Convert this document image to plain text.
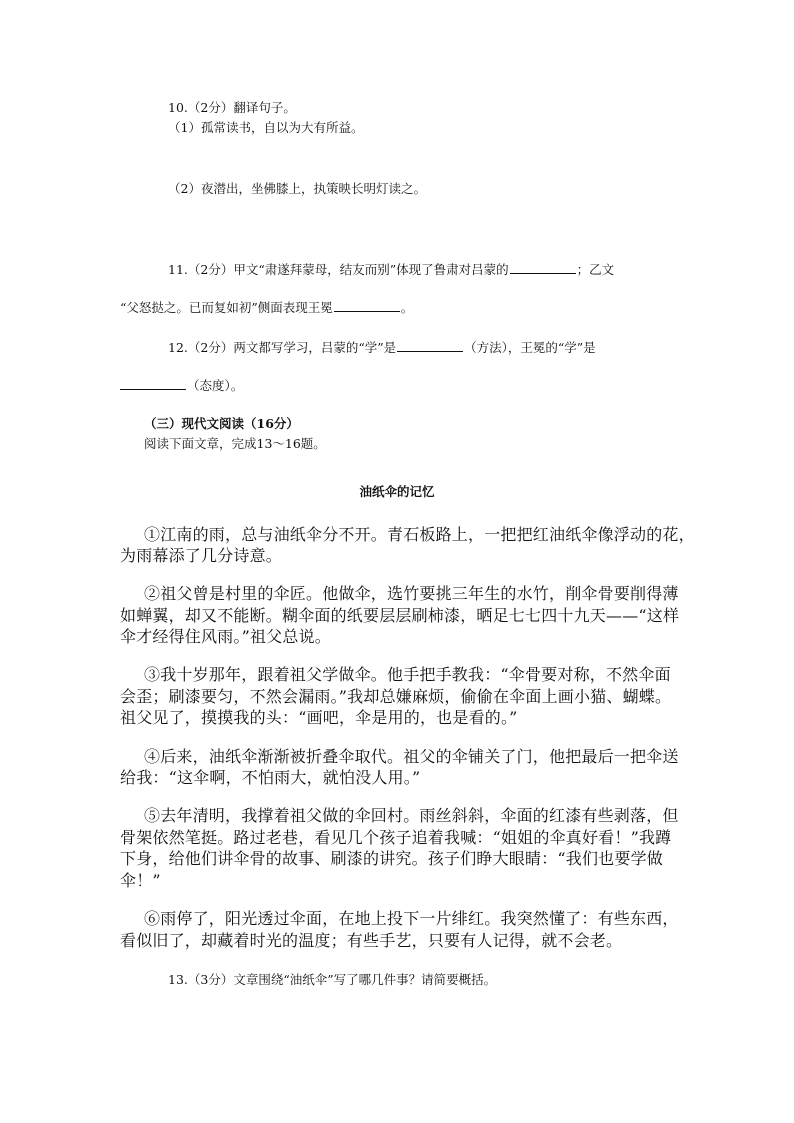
10.（2分）翻译句子。
（1）孤常读书，自以为大有所益。
（2）夜潜出，坐佛膝上，执策映长明灯读之。
11.（2分）甲文“肃遂拜蒙母，结友而别”体现了鲁肃对吕蒙的	；乙文
“父怒挞之。已而复如初”侧面表现王冕	。
12.（2分）两文都写学习，吕蒙的“学”是	（方法），王冕的“学”是
（态度）。
（三）现代文阅读（16分）
阅读下面文章，完成13～16题。
油纸伞的记忆
①江南的雨，总与油纸伞分不开。青石板路上，一把把红油纸伞像浮动的花，
为雨幕添了几分诗意。
②祖父曾是村里的伞匠。他做伞，选竹要挑三年生的水竹，削伞骨要削得薄
如蝉翼，却又不能断。糊伞面的纸要层层刷柿漆，晒足七七四十九天——“这样
伞才经得住风雨。”祖父总说。
③我十岁那年，跟着祖父学做伞。他手把手教我：“伞骨要对称，不然伞面
会歪；刷漆要匀，不然会漏雨。”我却总嫌麻烦，偷偷在伞面上画小猫、蝴蝶。
祖父见了，摸摸我的头：“画吧，伞是用的，也是看的。”
④后来，油纸伞渐渐被折叠伞取代。祖父的伞铺关了门，他把最后一把伞送
给我：“这伞啊，不怕雨大，就怕没人用。”
⑤去年清明，我撑着祖父做的伞回村。雨丝斜斜，伞面的红漆有些剥落，但
骨架依然笔挺。路过老巷，看见几个孩子追着我喊：“姐姐的伞真好看！”我蹲
下身，给他们讲伞骨的故事、刷漆的讲究。孩子们睁大眼睛：“我们也要学做
伞！”
⑥雨停了，阳光透过伞面，在地上投下一片绯红。我突然懂了：有些东西，
看似旧了，却藏着时光的温度；有些手艺，只要有人记得，就不会老。
13.（3分）文章围绕“油纸伞”写了哪几件事？请简要概括。
